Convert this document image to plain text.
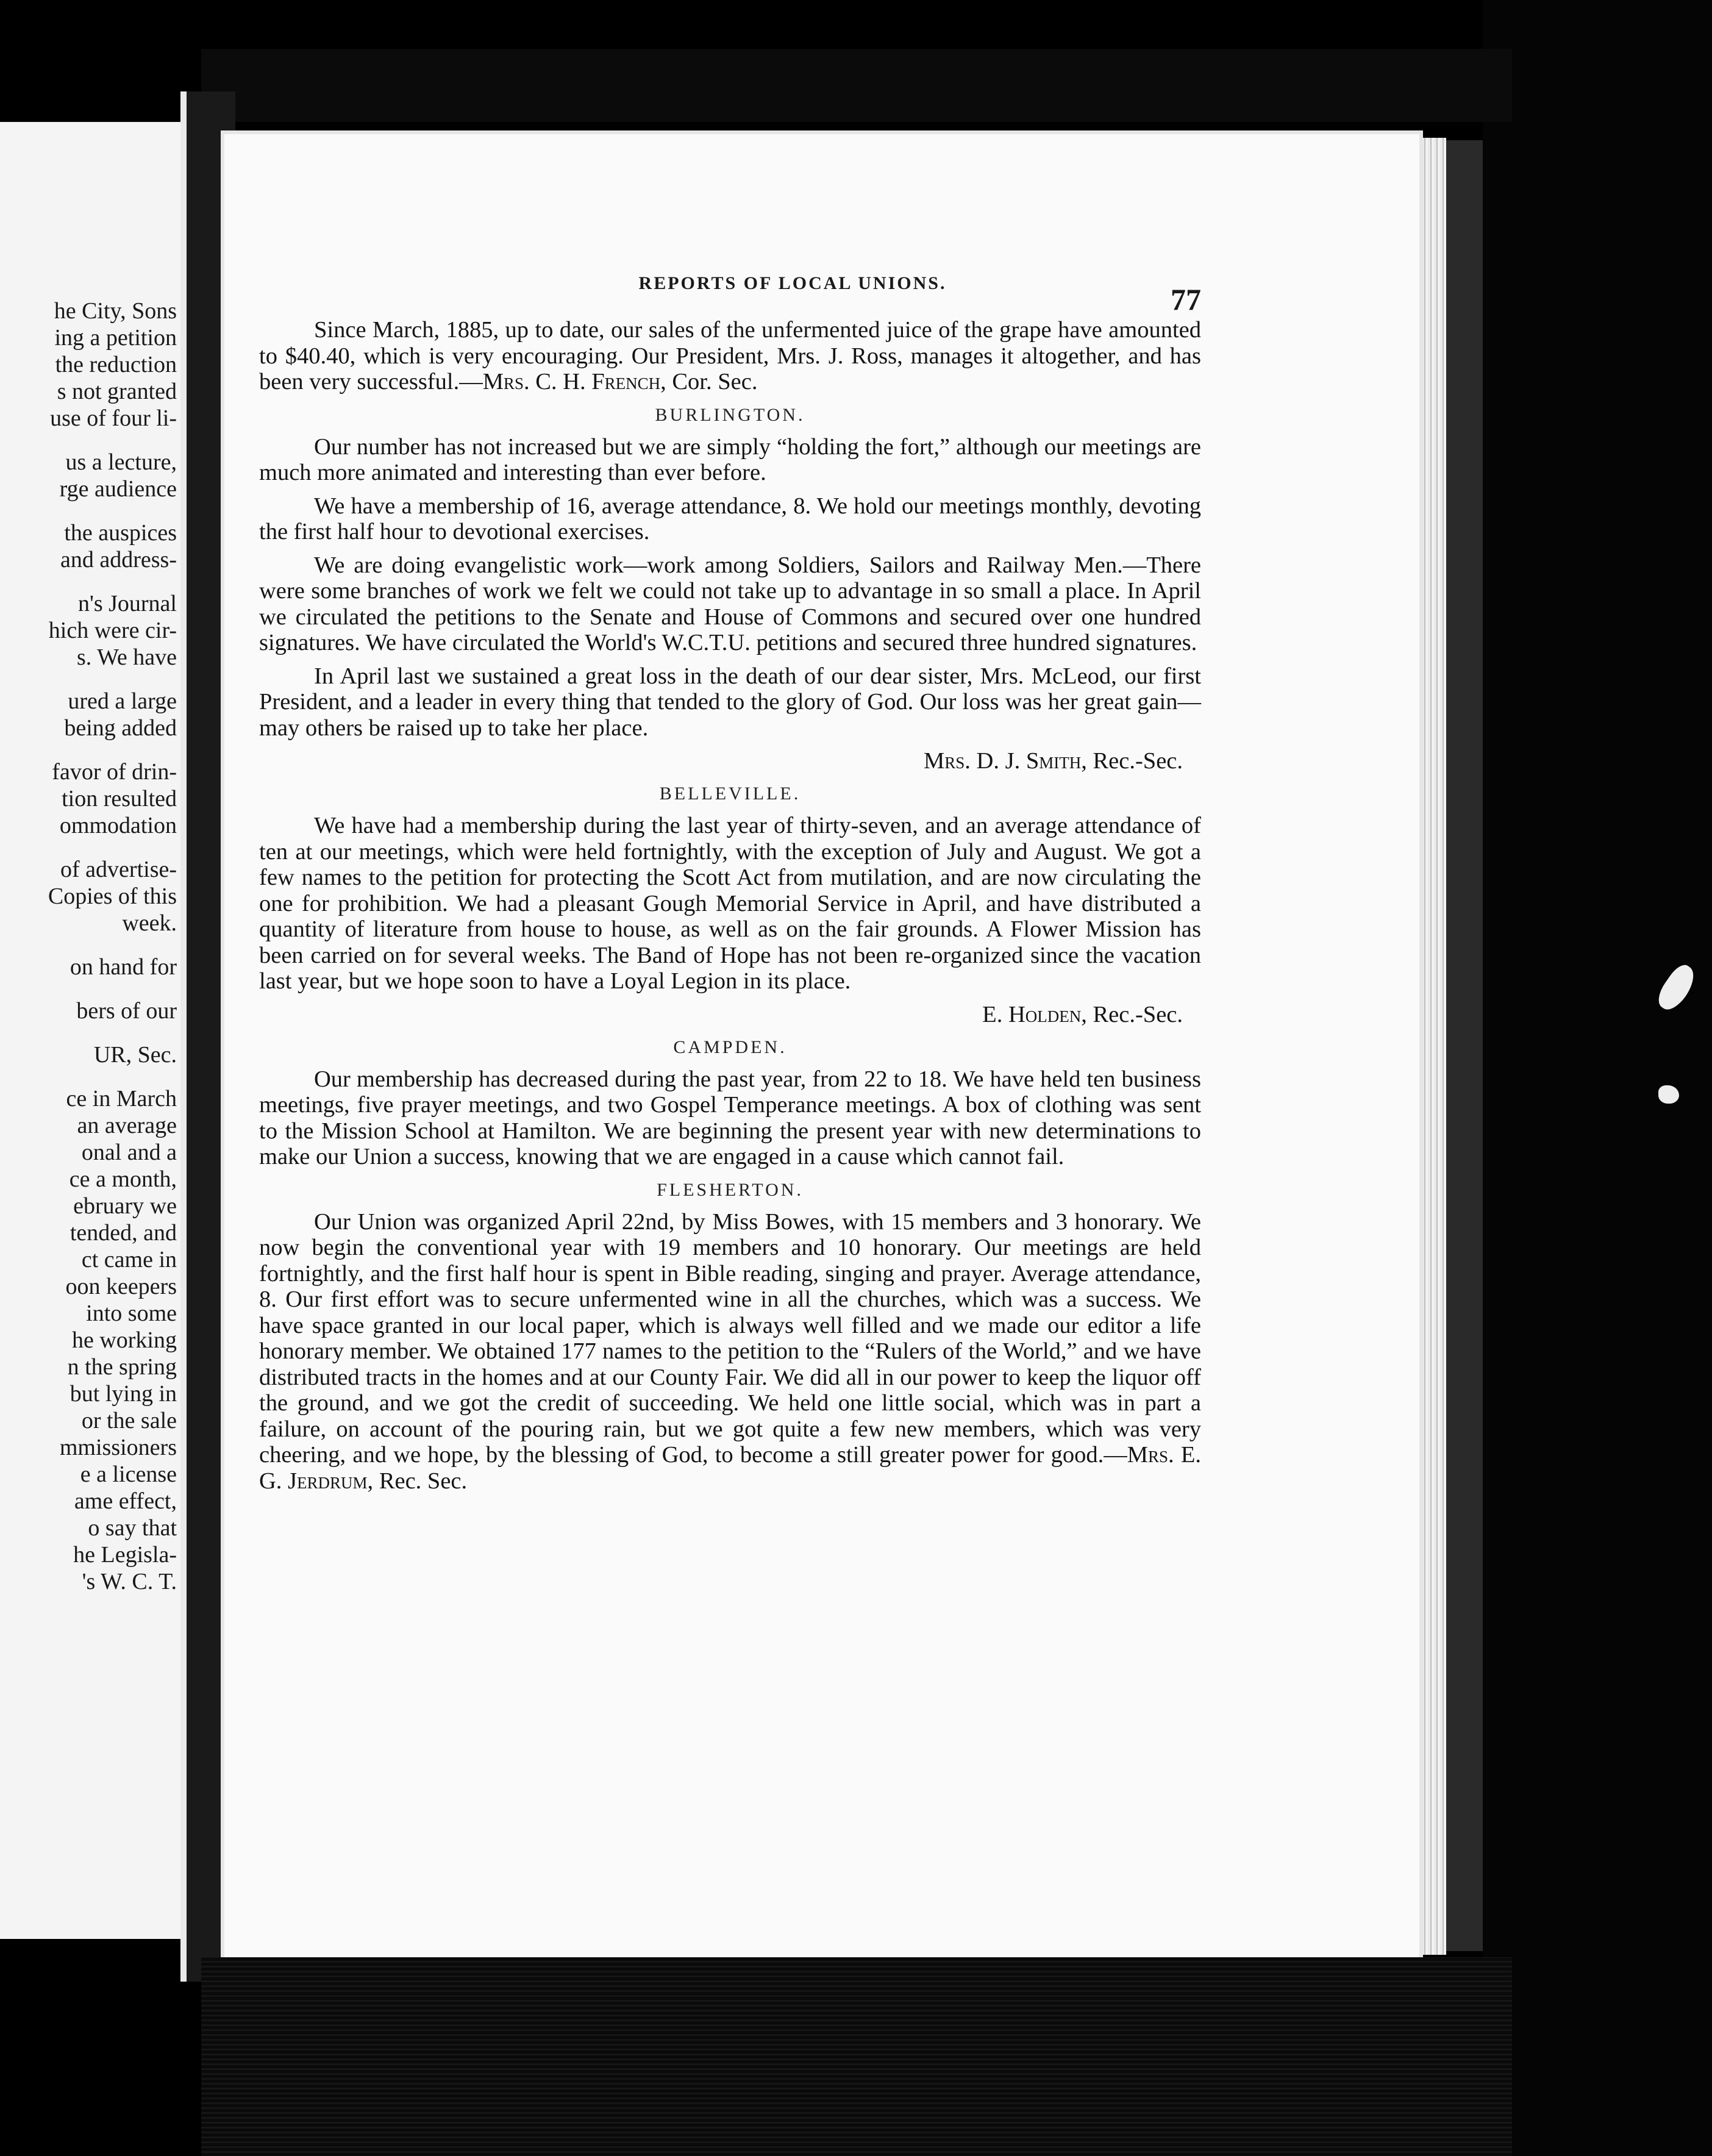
he City, Sons
ing a petition
the reduction
s not granted
use of four li-
us a lecture,
rge audience
the auspices
and address-
n's Journal
hich were cir-
s. We have
ured a large
being added
favor of drin-
tion resulted
ommodation
of advertise-
Copies of this
week.
on hand for
bers of our
UR, Sec.
ce in March
an average
onal and a
ce a month,
ebruary we
tended, and
ct came in
oon keepers
into some
he working
n the spring
but lying in
or the sale
mmissioners
e a license
ame effect,
o say that
he Legisla-
's W. C. T.
REPORTS OF LOCAL UNIONS.	77

Since March, 1885, up to date, our sales of the unfermented juice of the grape have amounted to $40.40, which is very encouraging. Our President, Mrs. J. Ross, manages it altogether, and has been very successful.—Mrs. C. H. French, Cor. Sec.

BURLINGTON.

Our number has not increased but we are simply “holding the fort,” although our meetings are much more animated and interesting than ever before.

We have a membership of 16, average attendance, 8. We hold our meetings monthly, devoting the first half hour to devotional exercises.

We are doing evangelistic work—work among Soldiers, Sailors and Railway Men.—There were some branches of work we felt we could not take up to advantage in so small a place. In April we circulated the petitions to the Senate and House of Commons and secured over one hundred signatures. We have circulated the World's W.C.T.U. petitions and secured three hundred signatures.

In April last we sustained a great loss in the death of our dear sister, Mrs. McLeod, our first President, and a leader in every thing that tended to the glory of God. Our loss was her great gain—may others be raised up to take her place.

Mrs. D. J. Smith, Rec.-Sec.
BELLEVILLE.

We have had a membership during the last year of thirty-seven, and an average attendance of ten at our meetings, which were held fortnightly, with the exception of July and August. We got a few names to the petition for protecting the Scott Act from mutilation, and are now circulating the one for prohibition. We had a pleasant Gough Memorial Service in April, and have distributed a quantity of literature from house to house, as well as on the fair grounds. A Flower Mission has been carried on for several weeks. The Band of Hope has not been re-organized since the vacation last year, but we hope soon to have a Loyal Legion in its place.

E. Holden, Rec.-Sec.
CAMPDEN.

Our membership has decreased during the past year, from 22 to 18. We have held ten business meetings, five prayer meetings, and two Gospel Temperance meetings. A box of clothing was sent to the Mission School at Hamilton. We are beginning the present year with new determinations to make our Union a success, knowing that we are engaged in a cause which cannot fail.

FLESHERTON.

Our Union was organized April 22nd, by Miss Bowes, with 15 members and 3 honorary. We now begin the conventional year with 19 members and 10 honorary. Our meetings are held fortnightly, and the first half hour is spent in Bible reading, singing and prayer. Average attendance, 8. Our first effort was to secure unfermented wine in all the churches, which was a success. We have space granted in our local paper, which is always well filled and we made our editor a life honorary member. We obtained 177 names to the petition to the “Rulers of the World,” and we have distributed tracts in the homes and at our County Fair. We did all in our power to keep the liquor off the ground, and we got the credit of succeeding. We held one little social, which was in part a failure, on account of the pouring rain, but we got quite a few new members, which was very cheering, and we hope, by the blessing of God, to become a still greater power for good.—Mrs. E. G. Jerdrum, Rec. Sec.
